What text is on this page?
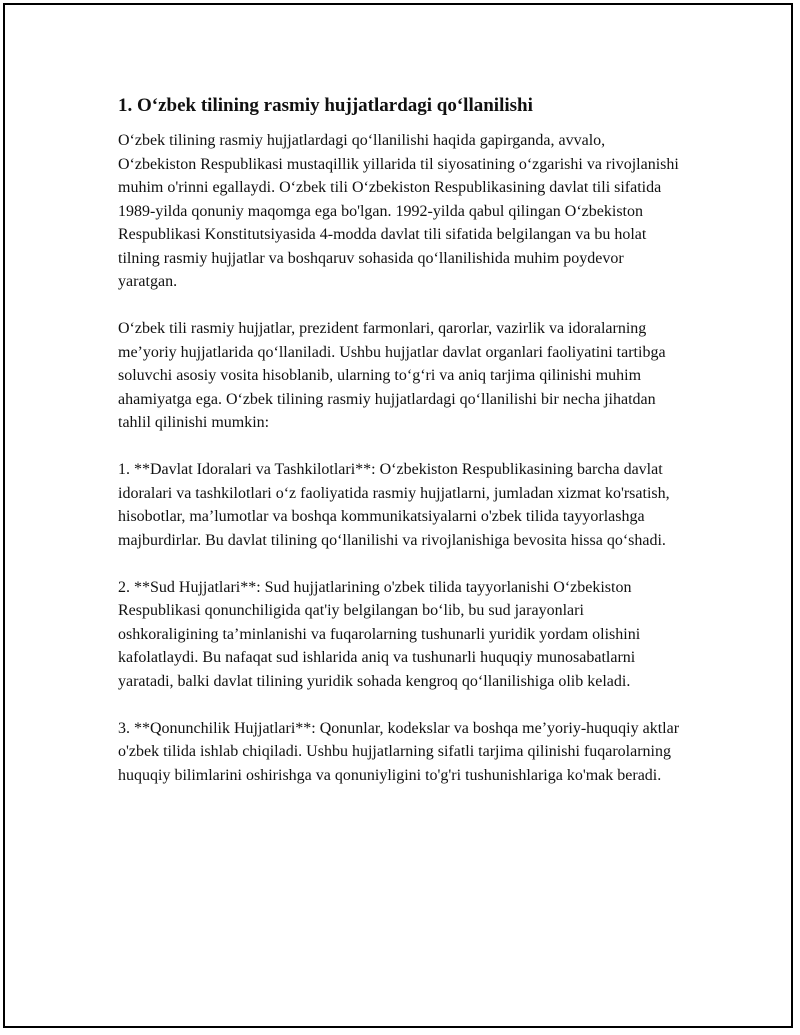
1. O‘zbek tilining rasmiy hujjatlardagi qo‘llanilishi

O‘zbek tilining rasmiy hujjatlardagi qo‘llanilishi haqida gapirganda, avvalo, O‘zbekiston Respublikasi mustaqillik yillarida til siyosatining o‘zgarishi va rivojlanishi muhim o'rinni egallaydi. O‘zbek tili O‘zbekiston Respublikasining davlat tili sifatida 1989-yilda qonuniy maqomga ega bo'lgan. 1992-yilda qabul qilingan O‘zbekiston Respublikasi Konstitutsiyasida 4-modda davlat tili sifatida belgilangan va bu holat tilning rasmiy hujjatlar va boshqaruv sohasida qo‘llanilishida muhim poydevor yaratgan.

O‘zbek tili rasmiy hujjatlar, prezident farmonlari, qarorlar, vazirlik va idoralarning me’yoriy hujjatlarida qo‘llaniladi. Ushbu hujjatlar davlat organlari faoliyatini tartibga soluvchi asosiy vosita hisoblanib, ularning to‘g‘ri va aniq tarjima qilinishi muhim ahamiyatga ega. O‘zbek tilining rasmiy hujjatlardagi qo‘llanilishi bir necha jihatdan tahlil qilinishi mumkin:

1. **Davlat Idoralari va Tashkilotlari**: O‘zbekiston Respublikasining barcha davlat idoralari va tashkilotlari o‘z faoliyatida rasmiy hujjatlarni, jumladan xizmat ko'rsatish, hisobotlar, ma’lumotlar va boshqa kommunikatsiyalarni o'zbek tilida tayyorlashga majburdirlar. Bu davlat tilining qo‘llanilishi va rivojlanishiga bevosita hissa qo‘shadi.

2. **Sud Hujjatlari**: Sud hujjatlarining o'zbek tilida tayyorlanishi O‘zbekiston Respublikasi qonunchiligida qat'iy belgilangan bo‘lib, bu sud jarayonlari oshkoraligining ta’minlanishi va fuqarolarning tushunarli yuridik yordam olishini kafolatlaydi. Bu nafaqat sud ishlarida aniq va tushunarli huquqiy munosabatlarni yaratadi, balki davlat tilining yuridik sohada kengroq qo‘llanilishiga olib keladi.

3. **Qonunchilik Hujjatlari**: Qonunlar, kodekslar va boshqa me’yoriy-huquqiy aktlar o'zbek tilida ishlab chiqiladi. Ushbu hujjatlarning sifatli tarjima qilinishi fuqarolarning huquqiy bilimlarini oshirishga va qonuniyligini to'g'ri tushunishlariga ko'mak beradi.
